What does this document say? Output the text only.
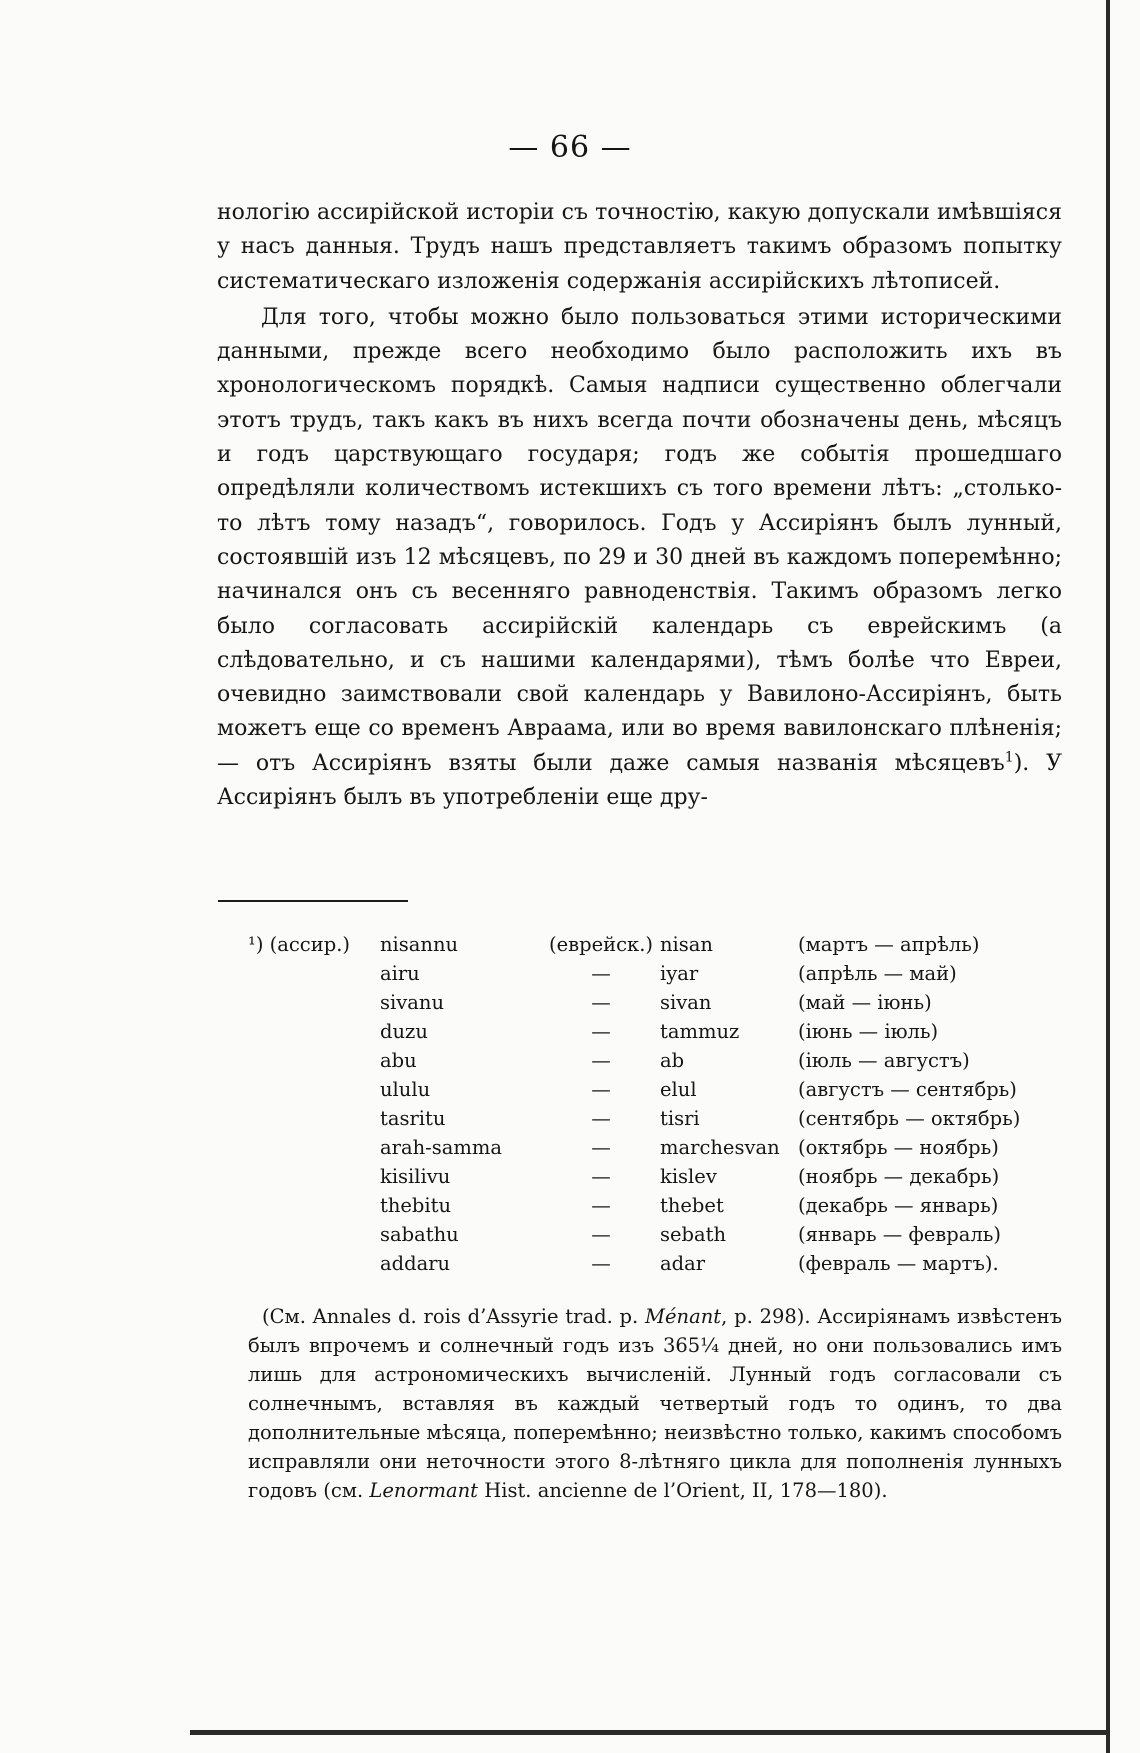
— 66 —

нологію ассирійской исторіи съ точностію, какую допускали имѣвшіяся у насъ данныя. Трудъ нашъ представляетъ такимъ образомъ попытку систематическаго изложенія содержанія ассирійскихъ лѣтописей.

Для того, чтобы можно было пользоваться этими историческими данными, прежде всего необходимо было расположить ихъ въ хронологическомъ порядкѣ. Самыя надписи существенно облегчали этотъ трудъ, такъ какъ въ нихъ всегда почти обозначены день, мѣсяцъ и годъ царствующаго государя; годъ же событія прошедшаго опредѣляли количествомъ истекшихъ съ того времени лѣтъ: „столько-то лѣтъ тому назадъ“, говорилось. Годъ у Ассиріянъ былъ лунный, состоявшій изъ 12 мѣсяцевъ, по 29 и 30 дней въ каждомъ поперемѣнно; начинался онъ съ весенняго равноденствія. Такимъ образомъ легко было согласовать ассирійскій календарь съ еврейскимъ (а слѣдовательно, и съ нашими календарями), тѣмъ болѣе что Евреи, очевидно заимствовали свой календарь у Вавилоно-Ассиріянъ, быть можетъ еще со временъ Авраама, или во время вавилонскаго плѣненія; — отъ Ассиріянъ взяты были даже самыя названія мѣсяцевъ$^1$). У Ассиріянъ былъ въ употребленіи еще дру-

¹) (ассир.)	nisannu	(еврейск.) nisan	(мартъ — апрѣль)
airu	—	iyar	(апрѣль — май)
sivanu	—	sivan	(май — іюнь)
duzu	—	tammuz	(іюнь — іюль)
abu	—	ab	(іюль — августъ)
ululu	—	elul	(августъ — сентябрь)
tasritu	—	tisri	(сентябрь — октябрь)
arah-samma	—	marchesvan (октябрь — ноябрь)
kisilivu	—	kislev	(ноябрь — декабрь)
thebitu	—	thebet	(декабрь — январь)
sabathu	—	sebath	(январь — февраль)
addaru	—	adar	(февраль — мартъ).

(См. Annales d. rois d’Assyrie trad. p. Ménant, p. 298). Ассиріянамъ извѣстенъ былъ впрочемъ и солнечный годъ изъ 365¼ дней, но они пользовались имъ лишь для астрономическихъ вычисленій. Лунный годъ согласовали съ солнечнымъ, вставляя въ каждый четвертый годъ то одинъ, то два дополнительные мѣсяца, поперемѣнно; неизвѣстно только, какимъ способомъ исправляли они неточности этого 8-лѣтняго цикла для пополненія лунныхъ годовъ (см. Lenormant Hist. ancienne de l’Orient, II, 178—180).
